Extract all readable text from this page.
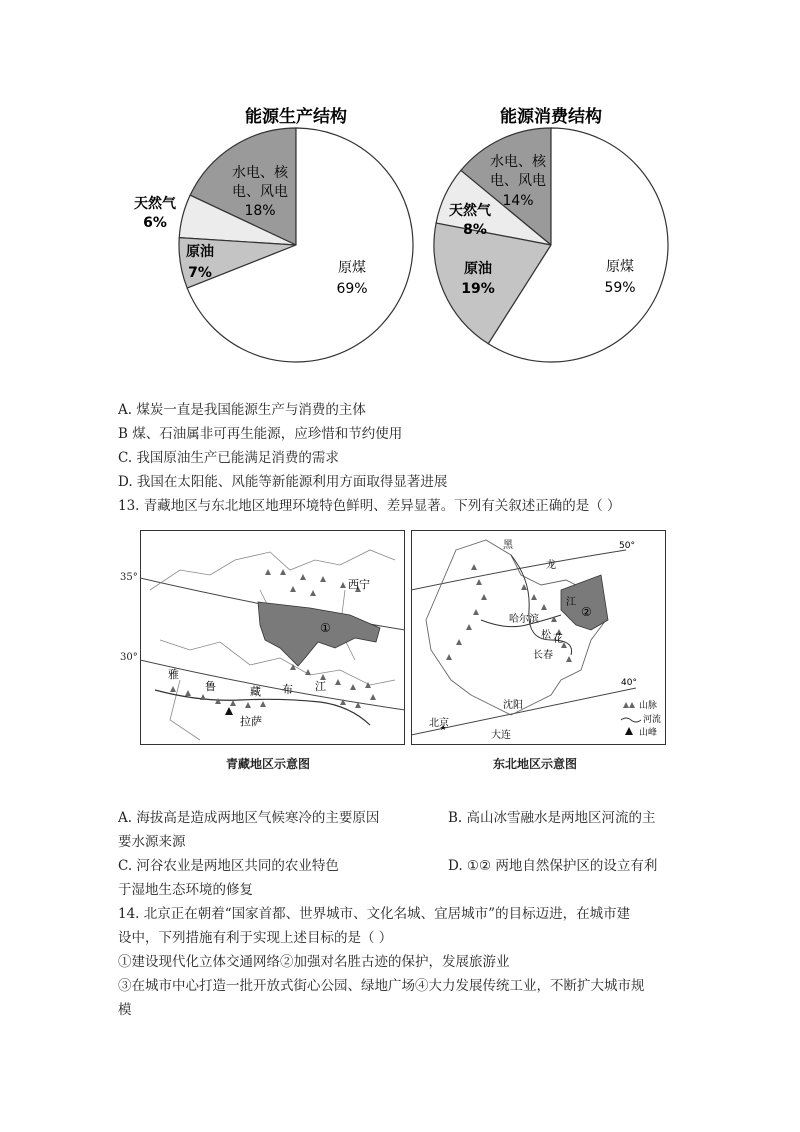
能源生产结构
水电、核
电、风电
18%
天然气
6%
原油
7%	原煤
69%
能源消费结构
水电、核
电、风电
14%
天然气
8%
原油
19%
原煤
59%
A. 煤炭一直是我国能源生产与消费的主体
B 煤、石油属非可再生能源，应珍惜和节约使用
C. 我国原油生产已能满足消费的需求
D. 我国在太阳能、风能等新能源利用方面取得显著进展
13. 青藏地区与东北地区地理环境特色鲜明、差异显著。下列有关叙述正确的是（ ）
西宁
①
雅
鲁	藏 布 江
拉萨
35°
30°
青藏地区示意图
黑
龙
江
②
哈尔滨
松 花
长春
沈阳
北京
大连
50°
40°
山脉
河流
山峰
东北地区示意图
A. 海拔高是造成两地区气候寒冷的主要原因	B. 高山冰雪融水是两地区河流的主
要水源来源
C. 河谷农业是两地区共同的农业特色	D. ①② 两地自然保护区的设立有利
于湿地生态环境的修复
14. 北京正在朝着“国家首都、世界城市、文化名城、宜居城市”的目标迈进，在城市建
设中，下列措施有利于实现上述目标的是（ ）
①建设现代化立体交通网络②加强对名胜古迹的保护，发展旅游业
③在城市中心打造一批开放式街心公园、绿地广场④大力发展传统工业，不断扩大城市规
模
